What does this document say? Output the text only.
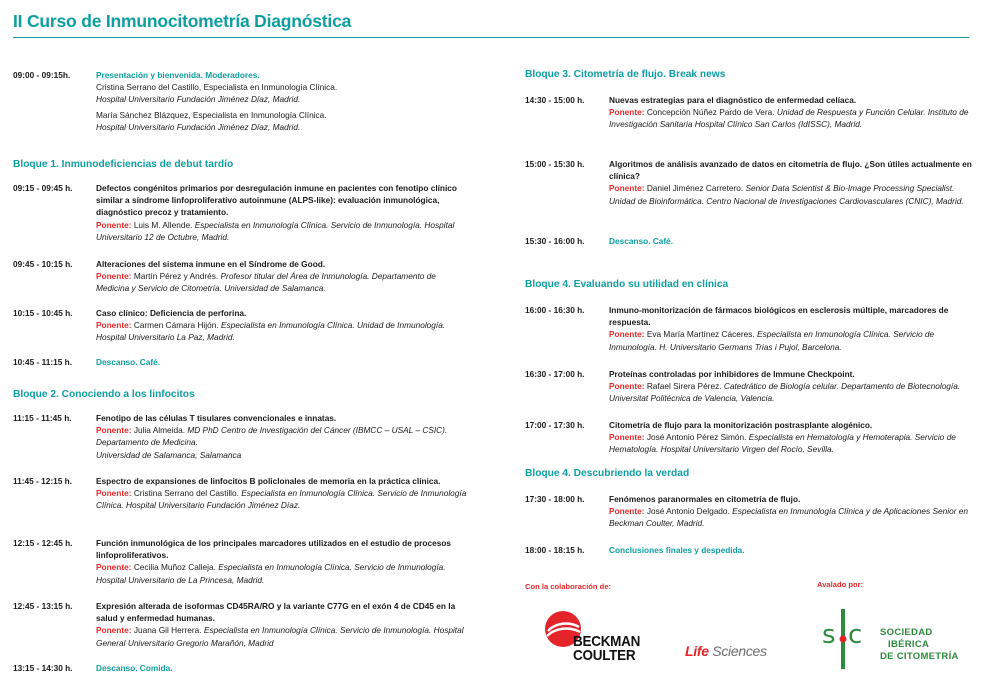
II Curso de Inmunocitometría Diagnóstica
09:00 - 09:15h.	Presentación y bienvenida. Moderadores.

Cristina Serrano del Castillo, Especialista en Inmunología Clínica.

Hospital Universitario Fundación Jiménez Díaz, Madrid.

María Sánchez Blázquez, Especialista en Inmunología Clínica.

Hospital Universitario Fundación Jiménez Díaz, Madrid.

Bloque 1. Inmunodeficiencias de debut tardío
09:15 - 09:45 h.	Defectos congénitos primarios por desregulación inmune en pacientes con fenotipo clínico similar a síndrome linfoproliferativo autoinmune (ALPS-like): evaluación inmunológica, diagnóstico precoz y tratamiento.

Ponente: Luis M. Allende. Especialista en Inmunología Clínica. Servicio de Inmunología. Hospital Universitario 12 de Octubre, Madrid.

09:45 - 10:15 h.	Alteraciones del sistema inmune en el Síndrome de Good.

Ponente: Martín Pérez y Andrés. Profesor titular del Área de Inmunología. Departamento de Medicina y Servicio de Citometría. Universidad de Salamanca.

10:15 - 10:45 h.	Caso clínico: Deficiencia de perforina.

Ponente: Carmen Cámara Hijón. Especialista en Inmunología Clínica. Unidad de Inmunología. Hospital Universitario La Paz, Madrid.

10:45 - 11:15 h.	Descanso. Café.

Bloque 2. Conociendo a los linfocitos
11:15 - 11:45 h.	Fenotipo de las células T tisulares convencionales e innatas.

Ponente: Julia Almeida. MD PhD Centro de Investigación del Cáncer (IBMCC – USAL – CSIC). Departamento de Medicina.

Universidad de Salamanca, Salamanca

11:45 - 12:15 h.	Espectro de expansiones de linfocitos B policlonales de memoria en la práctica clínica.

Ponente: Cristina Serrano del Castillo. Especialista en Inmunología Clínica. Servicio de Inmunología Clínica. Hospital Universitario Fundación Jiménez Díaz.

12:15 - 12:45 h.	Función inmunológica de los principales marcadores utilizados en el estudio de procesos linfoproliferativos.

Ponente: Cecilia Muñoz Calleja. Especialista en Inmunología Clínica. Servicio de Inmunología. Hospital Universitario de La Princesa, Madrid.

12:45 - 13:15 h.	Expresión alterada de isoformas CD45RA/RO y la variante C77G en el exón 4 de CD45 en la salud y enfermedad humanas.

Ponente: Juana Gil Herrera. Especialista en Inmunología Clínica. Servicio de Inmunología. Hospital General Universitario Gregorio Marañón, Madrid

13:15 - 14:30 h.	Descanso. Comida.

Bloque 3. Citometría de flujo. Break news
14:30 - 15:00 h.	Nuevas estrategias para el diagnóstico de enfermedad celíaca.

Ponente: Concepción Núñez Pardo de Vera. Unidad de Respuesta y Función Celular. Instituto de Investigación Sanitaria Hospital Clínico San Carlos (IdISSC), Madrid.

15:00 - 15:30 h.	Algoritmos de análisis avanzado de datos en citometría de flujo. ¿Son útiles actualmente en clínica?

Ponente: Daniel Jiménez Carretero. Senior Data Scientist & Bio-Image Processing Specialist. Unidad de Bioinformática. Centro Nacional de Investigaciones Cardiovasculares (CNIC), Madrid.

15:30 - 16:00 h.	Descanso. Café.

Bloque 4. Evaluando su utilidad en clínica
16:00 - 16:30 h.	Inmuno-monitorización de fármacos biológicos en esclerosis múltiple, marcadores de respuesta.

Ponente: Eva María Martínez Cáceres. Especialista en Inmunología Clínica. Servicio de Inmunología. H. Universitario Germans Trias i Pujol, Barcelona.

16:30 - 17:00 h.	Proteínas controladas por inhibidores de Immune Checkpoint.

Ponente: Rafael Sirera Pérez. Catedrático de Biología celular. Departamento de Biotecnología. Universitat Politécnica de Valencia, Valencia.

17:00 - 17:30 h.	Citometría de flujo para la monitorización postrasplante alogénico.

Ponente: José Antonio Pérez Simón. Especialista en Hematología y Hemoterapia. Servicio de Hematología. Hospital Universitario Virgen del Rocío, Sevilla.

Bloque 4. Descubriendo la verdad
17:30 - 18:00 h.	Fenómenos paranormales en citometría de flujo.

Ponente: José Antonio Delgado. Especialista en Inmunología Clínica y de Aplicaciones Senior en Beckman Coulter, Madrid.

18:00 - 18:15 h.	Conclusiones finales y despedida.

Con la colaboración de:	Avalado por:
BECKMAN
COULTER	Life Sciences
s c SOCIEDAD
IBÉRICA
DE CITOMETRÍA
